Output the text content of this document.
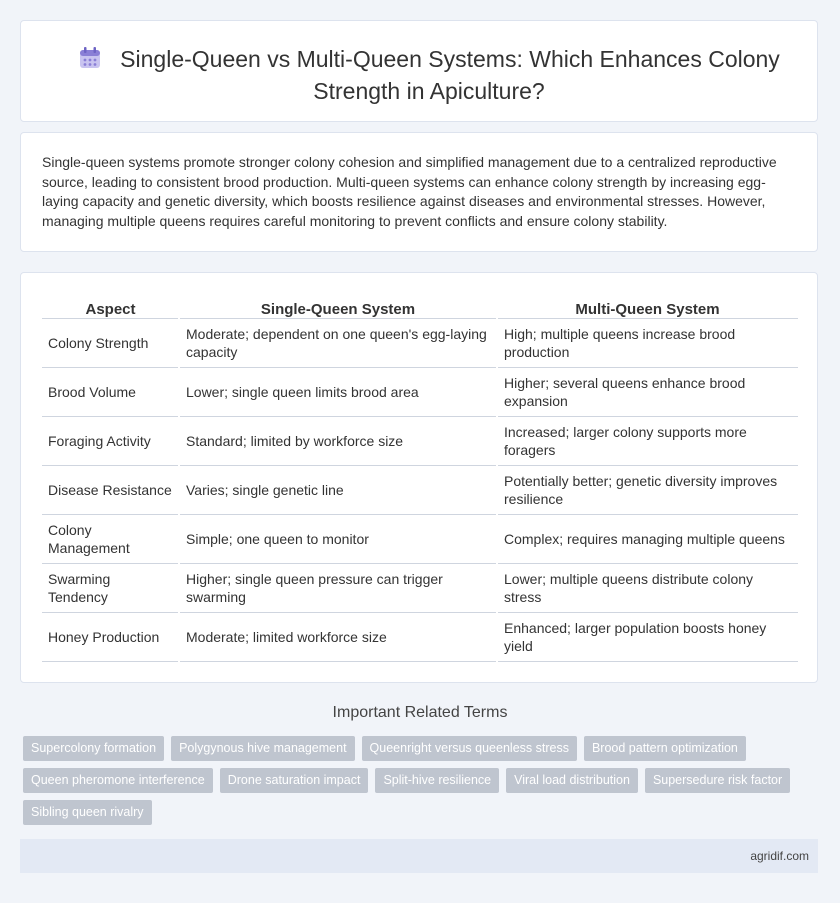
Single-Queen vs Multi-Queen Systems: Which Enhances Colony Strength in Apiculture?

Single-queen systems promote stronger colony cohesion and simplified management due to a centralized reproductive source, leading to consistent brood production. Multi-queen systems can enhance colony strength by increasing egg-laying capacity and genetic diversity, which boosts resilience against diseases and environmental stresses. However, managing multiple queens requires careful monitoring to prevent conflicts and ensure colony stability.

Aspect	Single-Queen System	Multi-Queen System
Colony Strength	Moderate; dependent on one queen's egg-laying capacity	High; multiple queens increase brood production
Brood Volume	Lower; single queen limits brood area	Higher; several queens enhance brood expansion
Foraging Activity	Standard; limited by workforce size	Increased; larger colony supports more foragers
Disease Resistance	Varies; single genetic line	Potentially better; genetic diversity improves resilience
Colony Management	Simple; one queen to monitor	Complex; requires managing multiple queens
Swarming Tendency	Higher; single queen pressure can trigger swarming	Lower; multiple queens distribute colony stress
Honey Production	Moderate; limited workforce size	Enhanced; larger population boosts honey yield
Important Related Terms
Supercolony formation	Polygynous hive management	Queenright versus queenless stress	Brood pattern optimization
Queen pheromone interference	Drone saturation impact	Split-hive resilience	Viral load distribution	Supersedure risk factor
Sibling queen rivalry
agridif.com
